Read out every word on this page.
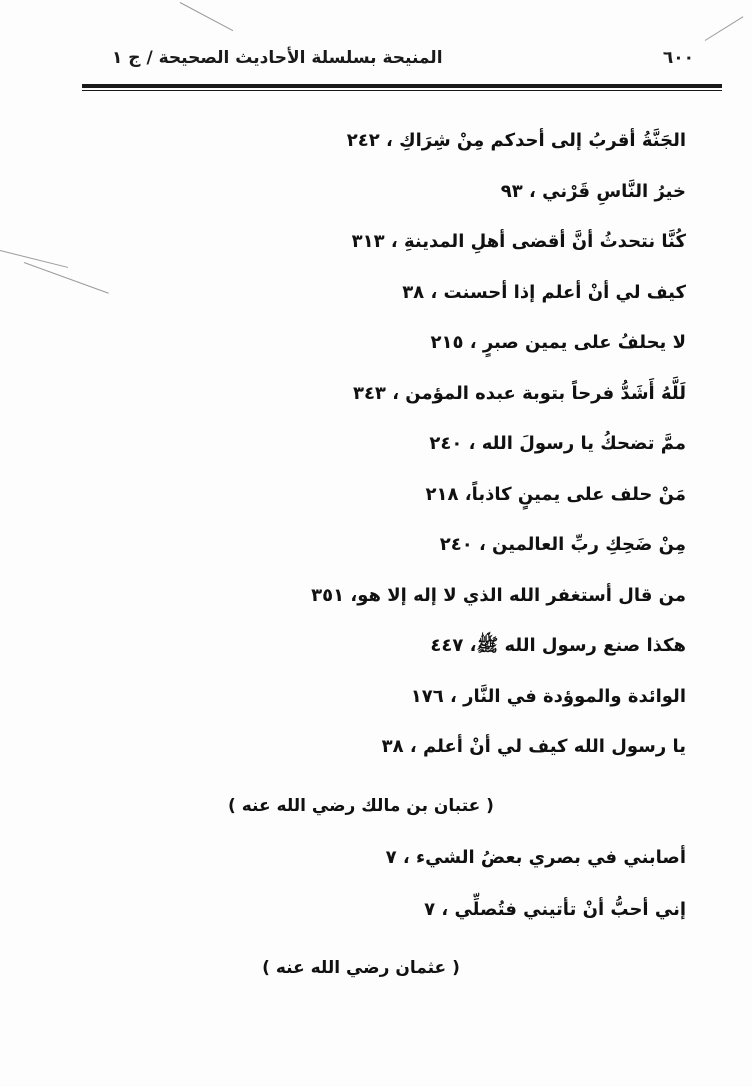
المنيحة بسلسلة الأحاديث الصحيحة / ج ١	٦٠٠
الجَنَّةُ أقربُ إلى أحدكم مِنْ شِرَاكِ ، ٢٤٢
خيرُ النَّاسِ قَرْني ، ٩٣
كُنَّا نتحدثُ أنَّ أقضى أهلِ المدينةِ ، ٣١٣
كيف لي أنْ أعلم إذا أحسنت ، ٣٨
لا يحلفُ على يمين صبرٍ ، ٢١٥
لَلَّهُ أَشَدُّ فرحاً بتوبة عبده المؤمن ، ٣٤٣
ممَّ تضحكُ يا رسولَ الله ، ٢٤٠
مَنْ حلف على يمينٍ كاذباً، ٢١٨
مِنْ ضَحِكِ ربِّ العالمين ، ٢٤٠
من قال أستغفر الله الذي لا إله إلا هو، ٣٥١
هكذا صنع رسول الله ﷺ، ٤٤٧
الوائدة والموؤدة في النَّار ، ١٧٦
يا رسول الله كيف لي أنْ أعلم ، ٣٨
( عتبان بن مالك رضي الله عنه )
أصابني في بصري بعضُ الشيء ، ٧
إني أحبُّ أنْ تأتيني فتُصلِّي ، ٧
( عثمان رضي الله عنه )
